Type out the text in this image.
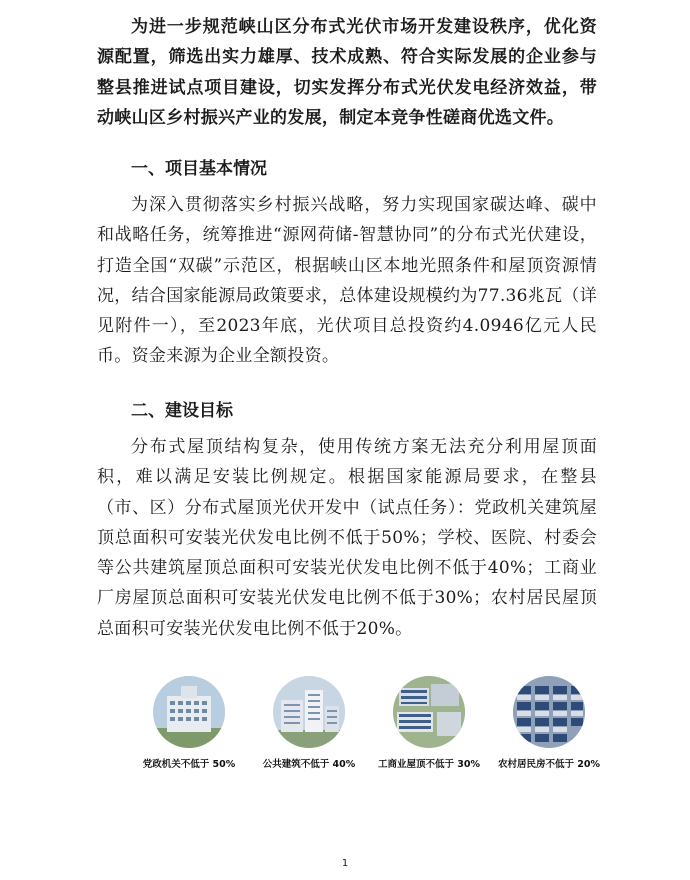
为进一步规范峡山区分布式光伏市场开发建设秩序，优化资源配置，筛选出实力雄厚、技术成熟、符合实际发展的企业参与整县推进试点项目建设，切实发挥分布式光伏发电经济效益，带动峡山区乡村振兴产业的发展，制定本竞争性磋商优选文件。

一、项目基本情况

为深入贯彻落实乡村振兴战略，努力实现国家碳达峰、碳中和战略任务，统筹推进“源网荷储-智慧协同”的分布式光伏建设，打造全国“双碳”示范区，根据峡山区本地光照条件和屋顶资源情况，结合国家能源局政策要求，总体建设规模约为77.36兆瓦（详见附件一），至2023年底，光伏项目总投资约4.0946亿元人民币。资金来源为企业全额投资。

二、建设目标

分布式屋顶结构复杂，使用传统方案无法充分利用屋顶面积，难以满足安装比例规定。根据国家能源局要求，在整县（市、区）分布式屋顶光伏开发中（试点任务）：党政机关建筑屋顶总面积可安装光伏发电比例不低于50%；学校、医院、村委会等公共建筑屋顶总面积可安装光伏发电比例不低于40%；工商业厂房屋顶总面积可安装光伏发电比例不低于30%；农村居民屋顶总面积可安装光伏发电比例不低于20%。

党政机关不低于 50%	公共建筑不低于 40%	工商业屋顶不低于 30%	农村居民房不低于 20%
1
